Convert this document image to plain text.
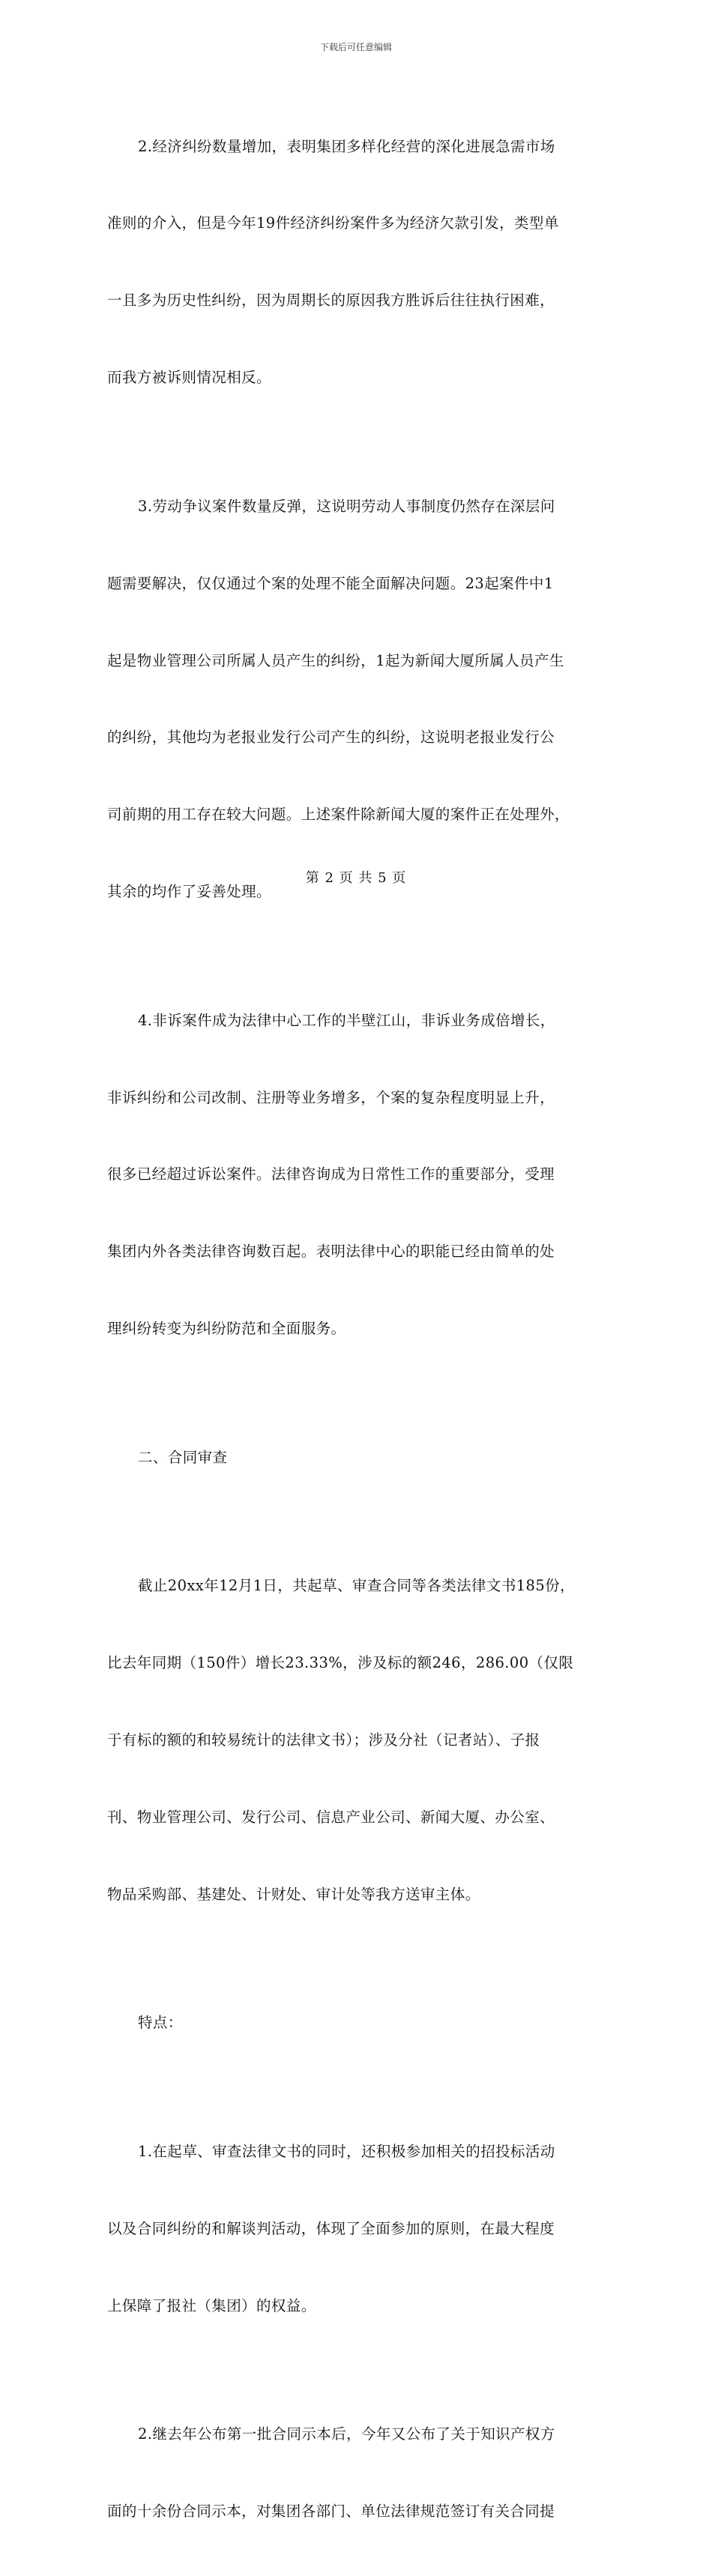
下载后可任意编辑

2.经济纠纷数量增加，表明集团多样化经营的深化进展急需市场

准则的介入，但是今年19件经济纠纷案件多为经济欠款引发，类型单

一且多为历史性纠纷，因为周期长的原因我方胜诉后往往执行困难，

而我方被诉则情况相反。

3.劳动争议案件数量反弹，这说明劳动人事制度仍然存在深层问

题需要解决，仅仅通过个案的处理不能全面解决问题。23起案件中1

起是物业管理公司所属人员产生的纠纷，1起为新闻大厦所属人员产生

的纠纷，其他均为老报业发行公司产生的纠纷，这说明老报业发行公

司前期的用工存在较大问题。上述案件除新闻大厦的案件正在处理外，

其余的均作了妥善处理。

4.非诉案件成为法律中心工作的半壁江山，非诉业务成倍增长，

非诉纠纷和公司改制、注册等业务增多，个案的复杂程度明显上升，

很多已经超过诉讼案件。法律咨询成为日常性工作的重要部分，受理

集团内外各类法律咨询数百起。表明法律中心的职能已经由简单的处

理纠纷转变为纠纷防范和全面服务。

二、合同审查

截止20xx年12月1日，共起草、审查合同等各类法律文书185份，

比去年同期（150件）增长23.33%，涉及标的额246，286.00（仅限

于有标的额的和较易统计的法律文书）；涉及分社（记者站）、子报

刊、物业管理公司、发行公司、信息产业公司、新闻大厦、办公室、

物品采购部、基建处、计财处、审计处等我方送审主体。

特点：

1.在起草、审查法律文书的同时，还积极参加相关的招投标活动

以及合同纠纷的和解谈判活动，体现了全面参加的原则，在最大程度

上保障了报社（集团）的权益。

2.继去年公布第一批合同示本后，今年又公布了关于知识产权方

面的十余份合同示本，对集团各部门、单位法律规范签订有关合同提

第 2 页 共 5 页
